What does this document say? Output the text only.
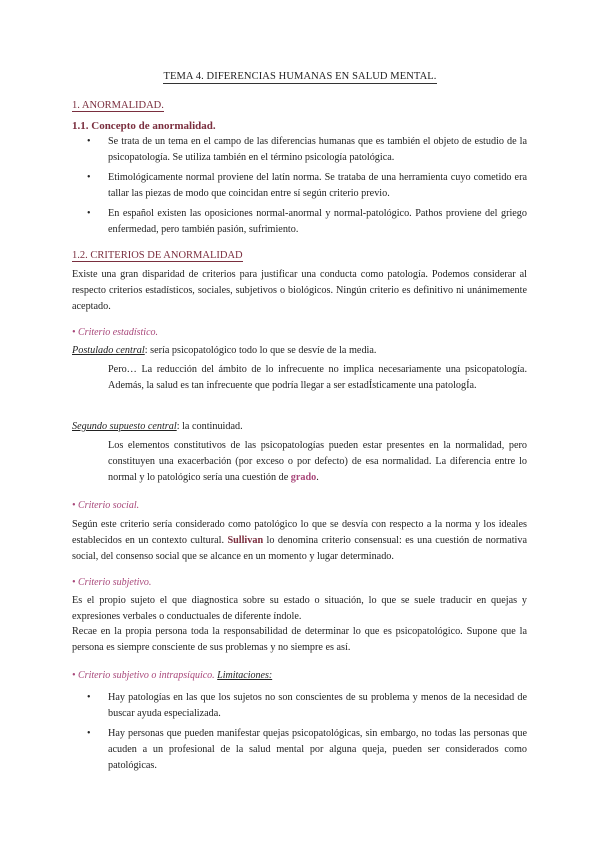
TEMA 4. DIFERENCIAS HUMANAS EN SALUD MENTAL.
1. ANORMALIDAD.
1.1. Concepto de anormalidad.
• Se trata de un tema en el campo de las diferencias humanas que es también el objeto de estudio de la psicopatología. Se utiliza también en el término psicología patológica.
• Etimológicamente normal proviene del latín norma. Se trataba de una herramienta cuyo cometido era tallar las piezas de modo que coincidan entre sí según criterio previo.
• En español existen las oposiciones normal-anormal y normal-patológico. Pathos proviene del griego enfermedad, pero también pasión, sufrimiento.
1.2. CRITERIOS DE ANORMALIDAD

Existe una gran disparidad de criterios para justificar una conducta como patología. Podemos considerar al respecto criterios estadísticos, sociales, subjetivos o biológicos. Ningún criterio es definitivo ni unánimemente aceptado.

• Criterio estadístico.

Postulado central: sería psicopatológico todo lo que se desvíe de la media.

Pero… La reducción del ámbito de lo infrecuente no implica necesariamente una psicopatología. Además, la salud es tan infrecuente que podría llegar a ser estadÍsticamente una patologÍa.

Segundo supuesto central: la continuidad.

Los elementos constitutivos de las psicopatologías pueden estar presentes en la normalidad, pero constituyen una exacerbación (por exceso o por defecto) de esa normalidad. La diferencia entre lo normal y lo patológico sería una cuestión de grado.

• Criterio social.

Según este criterio sería considerado como patológico lo que se desvía con respecto a la norma y los ideales establecidos en un contexto cultural. Sullivan lo denomina criterio consensual: es una cuestión de normativa social, del consenso social que se alcance en un momento y lugar determinado.

• Criterio subjetivo.

Es el propio sujeto el que diagnostica sobre su estado o situación, lo que se suele traducir en quejas y expresiones verbales o conductuales de diferente índole.

Recae en la propia persona toda la responsabilidad de determinar lo que es psicopatológico. Supone que la persona es siempre consciente de sus problemas y no siempre es así.

• Criterio subjetivo o intrapsíquico. Limitaciones:
• Hay patologías en las que los sujetos no son conscientes de su problema y menos de la necesidad de buscar ayuda especializada.
• Hay personas que pueden manifestar quejas psicopatológicas, sin embargo, no todas las personas que acuden a un profesional de la salud mental por alguna queja, pueden ser considerados como patológicas.
